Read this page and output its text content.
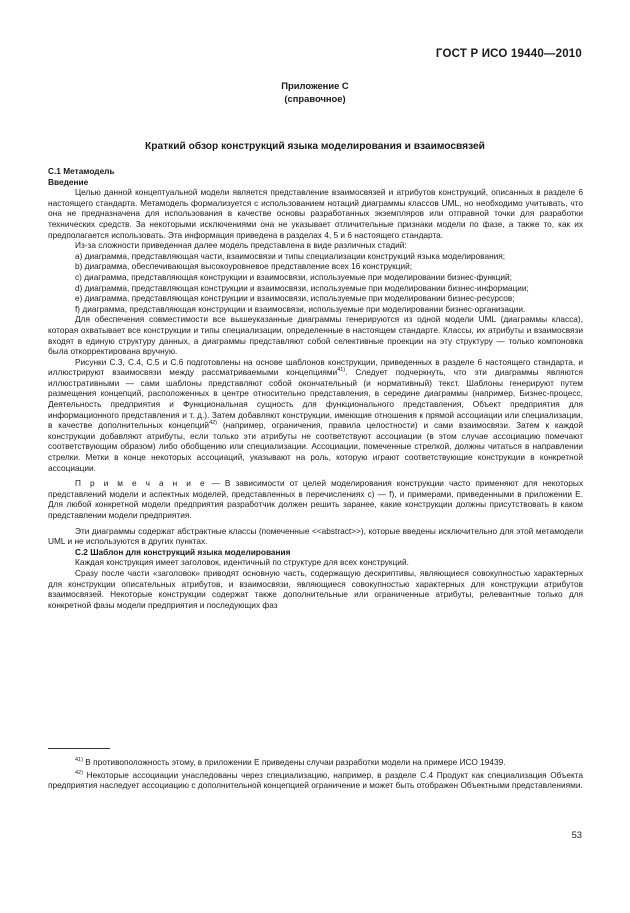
ГОСТ Р ИСО 19440—2010
Приложение С
(справочное)
Краткий обзор конструкций языка моделирования и взаимосвязей
С.1 Метамодель
Введение

Целью данной концептуальной модели является представление взаимосвязей и атрибутов конструкций, описанных в разделе 6 настоящего стандарта. Метамодель формализуется с использованием нотаций диаграммы классов UML, но необходимо учитывать, что она не предназначена для использования в качестве основы разработанных экземпляров или отправной точки для разработки технических средств. За некоторыми исключениями она не указывает отличительные признаки модели по фазе, а также то, как их предполагается использовать. Эта информация приведена в разделах 4, 5 и 6 настоящего стандарта.

Из-за сложности приведенная далее модель представлена в виде различных стадий:

a) диаграмма, представляющая части, взаимосвязи и типы специализации конструкций языка моделирования;

b) диаграмма, обеспечивающая высокоуровневое представление всех 16 конструкций;

c) диаграмма, представляющая конструкции и взаимосвязи, используемые при моделировании бизнес-функций;

d) диаграмма, представляющая конструкции и взаимосвязи, используемые при моделировании бизнес-информации;

e) диаграмма, представляющая конструкции и взаимосвязи, используемые при моделировании бизнес-ресурсов;

f) диаграмма, представляющая конструкции и взаимосвязи, используемые при моделировании бизнес-организации.

Для обеспечения совместимости все вышеуказанные диаграммы генерируются из одной модели UML (диаграммы класса), которая охватывает все конструкции и типы специализации, определенные в настоящем стандарте. Классы, их атрибуты и взаимосвязи входят в единую структуру данных, а диаграммы представляют собой селективные проекции на эту структуру — только компоновка была откорректирована вручную.

Рисунки С.3, С.4, С.5 и С.6 подготовлены на основе шаблонов конструкции, приведенных в разделе 6 настоящего стандарта, и иллюстрируют взаимосвязи между рассматриваемыми концепциями$^{41)}$. Следует подчеркнуть, что эти диаграммы являются иллюстративными — сами шаблоны представляют собой окончательный (и нормативный) текст. Шаблоны генерируют путем размещения концепций, расположенных в центре относительно представления, в середине диаграммы (например, Бизнес-процесс, Деятельность предприятия и Функциональная сущность для функционального представления, Объект предприятия для информационного представления и т. д.). Затем добавляют конструкции, имеющие отношения к прямой ассоциации или специализации, в качестве дополнительных концепций$^{42)}$ (например, ограничения, правила целостности) и сами взаимосвязи. Затем к каждой конструкции добавляют атрибуты, если только эти атрибуты не соответствуют ассоциации (в этом случае ассоциацию помечают соответствующим образом) либо обобщению или специализации. Ассоциации, помеченные стрелкой, должны читаться в направлении стрелки. Метки в конце некоторых ассоциаций, указывают на роль, которую играют соответствующие конструкции в конкретной ассоциации.

П р и м е ч а н и е — В зависимости от целей моделирования конструкции часто применяют для некоторых представлений модели и аспектных моделей, представленных в перечислениях с) — f), и примерами, приведенными в приложении Е. Для любой конкретной модели предприятия разработчик должен решить заранее, какие конструкции должны присутствовать в каком представлении модели предприятия.

Эти диаграммы содержат абстрактные классы (помеченные <<abstract>>), которые введены исключительно для этой метамодели UML и не используются в других пунктах.

С.2 Шаблон для конструкций языка моделирования

Каждая конструкция имеет заголовок, идентичный по структуре для всех конструкций.

Сразу после части «заголовок» приводят основную часть, содержащую дескриптивы, являющиеся совокупностью характерных для конструкции описательных атрибутов, и взаимосвязи, являющиеся совокупностью характерных для конструкции атрибутов взаимосвязей. Некоторые конструкции содержат также дополнительные или ограниченные атрибуты, релевантные только для конкретной фазы модели предприятия и последующих фаз

$^{41)}$ В противоположность этому, в приложении Е приведены случаи разработки модели на примере ИСО 19439.

$^{42)}$ Некоторые ассоциации унаследованы через специализацию, например, в разделе С.4 Продукт как специализация Объекта предприятия наследует ассоциацию с дополнительной концепцией ограничение и может быть отображен Объектными представлениями.

53
